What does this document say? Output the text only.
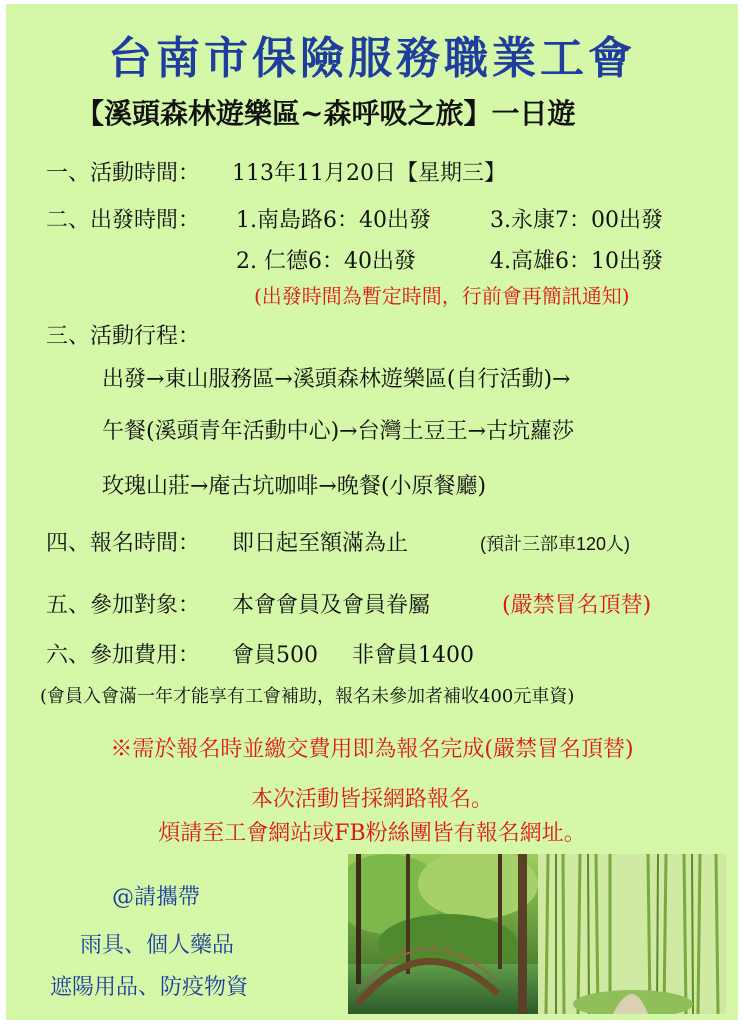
台南市保險服務職業工會
【溪頭森林遊樂區~森呼吸之旅】一日遊
一、活動時間： 113年11月20日【星期三】
二、出發時間： 1.南島路6：40出發	3.永康7：00出發
2. 仁德6：40出發	4.高雄6：10出發
(出發時間為暫定時間，行前會再簡訊通知)
三、活動行程：
出發→東山服務區→溪頭森林遊樂區(自行活動)→
午餐(溪頭青年活動中心)→台灣土豆王→古坑蘿莎
玫瑰山莊→庵古坑咖啡→晚餐(小原餐廳)
四、報名時間： 即日起至額滿為止	(預計三部車120人)
五、參加對象： 本會會員及會員眷屬	(嚴禁冒名頂替)
六、參加費用： 會員500 非會員1400
(會員入會滿一年才能享有工會補助，報名未參加者補收400元車資)
※需於報名時並繳交費用即為報名完成(嚴禁冒名頂替)
本次活動皆採網路報名。
煩請至工會網站或FB粉絲團皆有報名網址。
@請攜帶
雨具、個人藥品
遮陽用品、防疫物資
